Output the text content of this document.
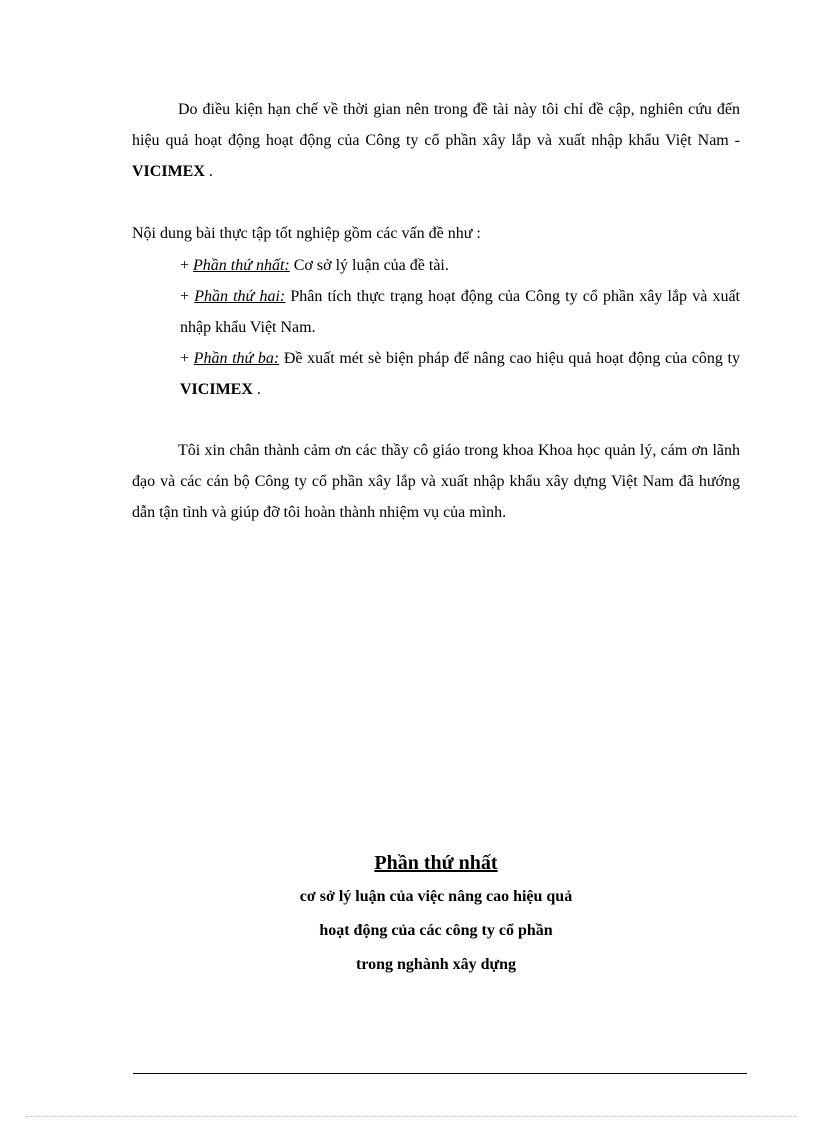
Do điều kiện hạn chế về thời gian nên trong đề tài này tôi chỉ đề cập, nghiên cứu đến hiệu quả hoạt động hoạt động của Công ty cổ phần xây lắp và xuất nhập khẩu Việt Nam - VICIMEX .
Nội dung bài thực tập tốt nghiệp gồm các vấn đề như :

+ Phần thứ nhất: Cơ sở lý luận của đề tài.

+ Phần thứ hai: Phân tích thực trạng hoạt động của Công ty cổ phần xây lắp và xuất nhập khẩu Việt Nam.

+ Phần thứ ba: Đề xuất mét sè biện pháp để nâng cao hiệu quả hoạt động của công ty VICIMEX .

Tôi xin chân thành cảm ơn các thầy cô giáo trong khoa Khoa học quản lý, cám ơn lãnh đạo và các cán bộ Công ty cổ phần xây lắp và xuất nhập khẩu xây dựng Việt Nam đã hướng dẫn tận tình và giúp đỡ tôi hoàn thành nhiệm vụ của mình.
Phần thứ nhất
cơ sở lý luận của việc nâng cao hiệu quả
hoạt động của các công ty cổ phần
trong nghành xây dựng
